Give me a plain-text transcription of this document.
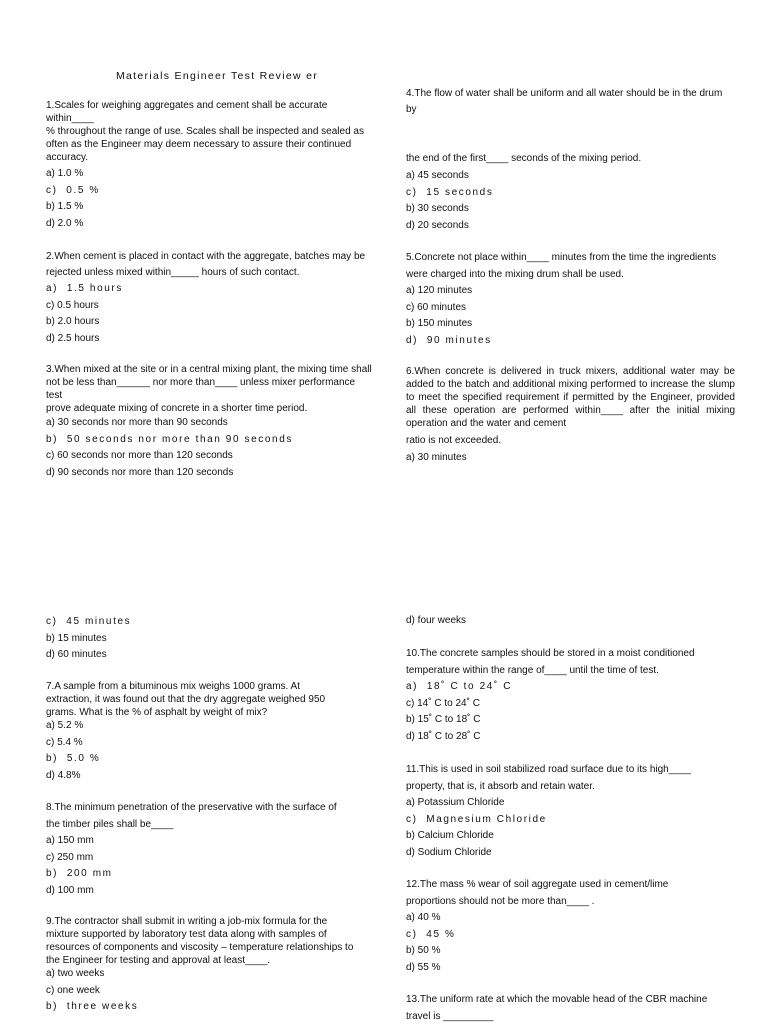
Materials Engineer Test Review er
1.Scales for weighing aggregates and cement shall be accurate
within____
% throughout the range of use. Scales shall be inspected and sealed as
often as the Engineer may deem necessary to assure their continued
accuracy.
a) 1.0 %
c)  0.5 %
b) 1.5 %
d) 2.0 %
2.When cement is placed in contact with the aggregate, batches may be
rejected unless mixed within_____ hours of such contact.
a)  1.5 hours
c) 0.5 hours
b) 2.0 hours
d) 2.5 hours
3.When mixed at the site or in a central mixing plant, the mixing time shall
not be less than______ nor more than____ unless mixer performance
test
prove adequate mixing of concrete in a shorter time period.
a) 30 seconds nor more than 90 seconds
b)  50 seconds nor more than 90 seconds
c) 60 seconds nor more than 120 seconds
d) 90 seconds nor more than 120 seconds
4.The flow of water shall be uniform and all water should be in the drum
by
the end of the first____ seconds of the mixing period.
a) 45 seconds
c)  15 seconds
b) 30 seconds
d) 20 seconds
5.Concrete not place within____ minutes from the time the ingredients
were charged into the mixing drum shall be used.
a) 120 minutes
c) 60 minutes
b) 150 minutes
d)  90 minutes
6.When concrete is delivered in truck mixers, additional water may be
added to the batch and additional mixing performed to increase the slump
to meet the specified requirement if permitted by the Engineer, provided
all these operation are performed within____ after the initial mixing
operation and the water and cement
ratio is not exceeded.
a) 30 minutes
c)  45 minutes
b) 15 minutes
d) 60 minutes
7.A sample from a bituminous mix weighs 1000 grams. At
extraction, it was found out that the dry aggregate weighed 950
grams. What is the % of asphalt by weight of mix?
a) 5.2 %
c) 5.4 %
b)  5.0 %
d) 4.8%
8.The minimum penetration of the preservative with the surface of
the timber piles shall be____
a) 150 mm
c) 250 mm
b)  200 mm
d) 100 mm
9.The contractor shall submit in writing a job-mix formula for the
mixture supported by laboratory test data along with samples of
resources of components and viscosity – temperature relationships to
the Engineer for testing and approval at least____.
a) two weeks
c) one week
b)  three weeks
d) four weeks
10.The concrete samples should be stored in a moist conditioned
temperature within the range of____ until the time of test.
a)  18˚ C to 24˚ C
c) 14˚ C to 24˚ C
b) 15˚ C to 18˚ C
d) 18˚ C to 28˚ C
11.This is used in soil stabilized road surface due to its high____
property, that is, it absorb and retain water.
a) Potassium Chloride
c)  Magnesium Chloride
b) Calcium Chloride
d) Sodium Chloride
12.The mass % wear of soil aggregate used in cement/lime
proportions should not be more than____ .
a) 40 %
c)  45 %
b) 50 %
d) 55 %
13.The uniform rate at which the movable head of the CBR machine
travel is _________
